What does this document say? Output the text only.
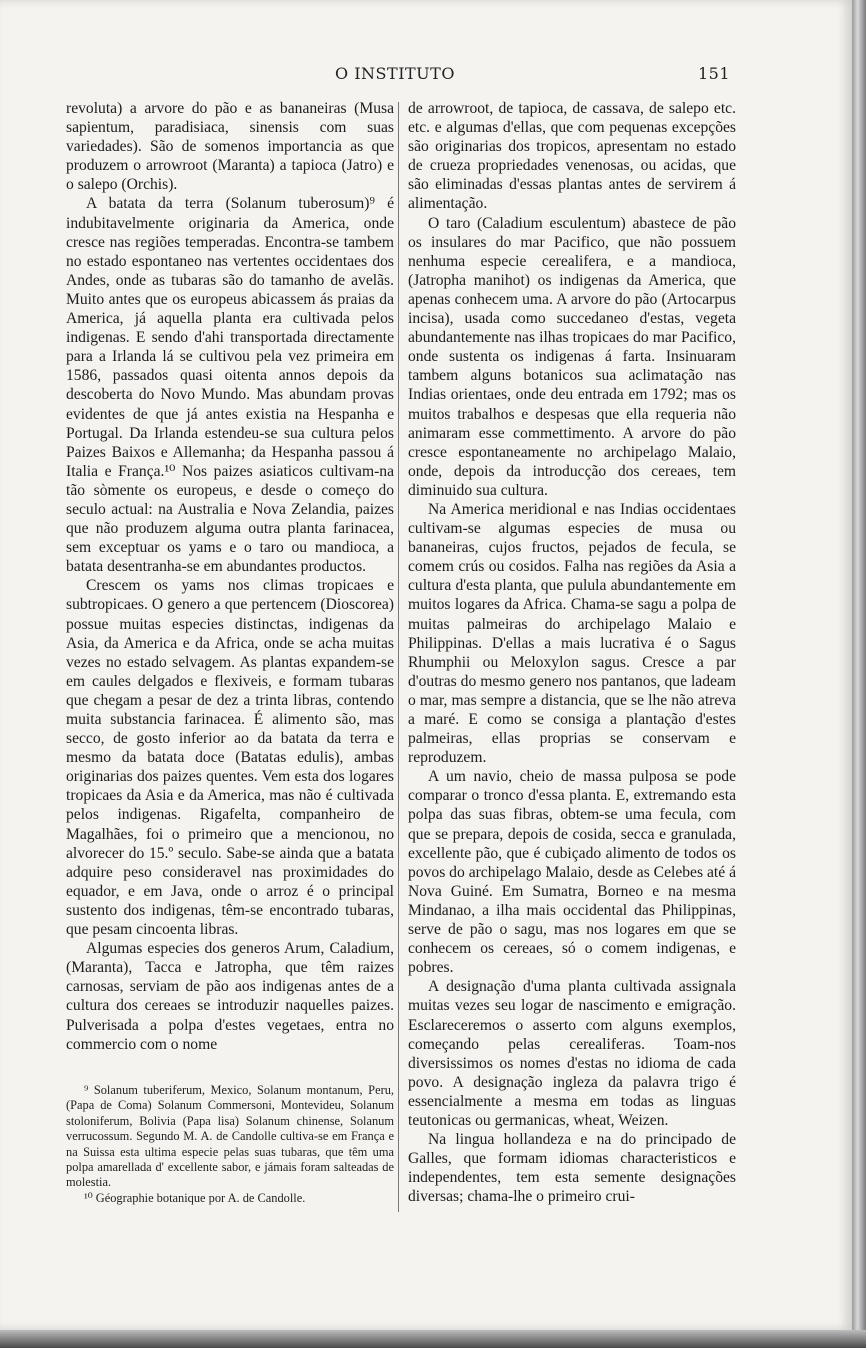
O INSTITUTO	151

revoluta) a arvore do pão e as bananeiras (Musa sapientum, paradisiaca, sinensis com suas variedades). São de somenos importancia as que produzem o arrowroot (Maranta) a tapioca (Jatro) e o salepo (Orchis).

A batata da terra (Solanum tuberosum)⁹ é indubitavelmente originaria da America, onde cresce nas regiões temperadas. Encontra-se tambem no estado espontaneo nas vertentes occidentaes dos Andes, onde as tubaras são do tamanho de avelãs. Muito antes que os europeus abicassem ás praias da America, já aquella planta era cultivada pelos indigenas. E sendo d'ahi transportada directamente para a Irlanda lá se cultivou pela vez primeira em 1586, passados quasi oitenta annos depois da descoberta do Novo Mundo. Mas abundam provas evidentes de que já antes existia na Hespanha e Portugal. Da Irlanda estendeu-se sua cultura pelos Paizes Baixos e Allemanha; da Hespanha passou á Italia e França.¹⁰ Nos paizes asiaticos cultivam-na tão sòmente os europeus, e desde o começo do seculo actual: na Australia e Nova Zelandia, paizes que não produzem alguma outra planta farinacea, sem exceptuar os yams e o taro ou mandioca, a batata desentranha-se em abundantes productos.

Crescem os yams nos climas tropicaes e subtropicaes. O genero a que pertencem (Dioscorea) possue muitas especies distinctas, indigenas da Asia, da America e da Africa, onde se acha muitas vezes no estado selvagem. As plantas expandem-se em caules delgados e flexiveis, e formam tubaras que chegam a pesar de dez a trinta libras, contendo muita substancia farinacea. É alimento são, mas secco, de gosto inferior ao da batata da terra e mesmo da batata doce (Batatas edulis), ambas originarias dos paizes quentes. Vem esta dos logares tropicaes da Asia e da America, mas não é cultivada pelos indigenas. Rigafelta, companheiro de Magalhães, foi o primeiro que a mencionou, no alvorecer do 15.º seculo. Sabe-se ainda que a batata adquire peso consideravel nas proximidades do equador, e em Java, onde o arroz é o principal sustento dos indigenas, têm-se encontrado tubaras, que pesam cincoenta libras.

Algumas especies dos generos Arum, Caladium, (Maranta), Tacca e Jatropha, que têm raizes carnosas, serviam de pão aos indigenas antes de a cultura dos cereaes se introduzir naquelles paizes. Pulverisada a polpa d'estes vegetaes, entra no commercio com o nome

de arrowroot, de tapioca, de cassava, de salepo etc. etc. e algumas d'ellas, que com pequenas excepções são originarias dos tropicos, apresentam no estado de crueza propriedades venenosas, ou acidas, que são eliminadas d'essas plantas antes de servirem á alimentação.

O taro (Caladium esculentum) abastece de pão os insulares do mar Pacifico, que não possuem nenhuma especie cerealifera, e a mandioca, (Jatropha manihot) os indigenas da America, que apenas conhecem uma. A arvore do pão (Artocarpus incisa), usada como succedaneo d'estas, vegeta abundantemente nas ilhas tropicaes do mar Pacifico, onde sustenta os indigenas á farta. Insinuaram tambem alguns botanicos sua aclimatação nas Indias orientaes, onde deu entrada em 1792; mas os muitos trabalhos e despesas que ella requeria não animaram esse commettimento. A arvore do pão cresce espontaneamente no archipelago Malaio, onde, depois da introducção dos cereaes, tem diminuido sua cultura.

Na America meridional e nas Indias occidentaes cultivam-se algumas especies de musa ou bananeiras, cujos fructos, pejados de fecula, se comem crús ou cosidos. Falha nas regiões da Asia a cultura d'esta planta, que pulula abundantemente em muitos logares da Africa. Chama-se sagu a polpa de muitas palmeiras do archipelago Malaio e Philippinas. D'ellas a mais lucrativa é o Sagus Rhumphii ou Meloxylon sagus. Cresce a par d'outras do mesmo genero nos pantanos, que ladeam o mar, mas sempre a distancia, que se lhe não atreva a maré. E como se consiga a plantação d'estes palmeiras, ellas proprias se conservam e reproduzem.

A um navio, cheio de massa pulposa se pode comparar o tronco d'essa planta. E, extremando esta polpa das suas fibras, obtem-se uma fecula, com que se prepara, depois de cosida, secca e granulada, excellente pão, que é cubiçado alimento de todos os povos do archipelago Malaio, desde as Celebes até á Nova Guiné. Em Sumatra, Borneo e na mesma Mindanao, a ilha mais occidental das Philippinas, serve de pão o sagu, mas nos logares em que se conhecem os cereaes, só o comem indigenas, e pobres.

A designação d'uma planta cultivada assignala muitas vezes seu logar de nascimento e emigração. Esclareceremos o asserto com alguns exemplos, começando pelas cerealiferas. Toam-nos diversissimos os nomes d'estas no idioma de cada povo. A designação ingleza da palavra trigo é essencialmente a mesma em todas as linguas teutonicas ou germanicas, wheat, Weizen.

Na lingua hollandeza e na do principado de Galles, que formam idiomas characteristicos e independentes, tem esta semente designações diversas; chama-lhe o primeiro crui-

⁹ Solanum tuberiferum, Mexico, Solanum montanum, Peru, (Papa de Coma) Solanum Commersoni, Montevideu, Solanum stoloniferum, Bolivia (Papa lisa) Solanum chinense, Solanum verrucossum. Segundo M. A. de Candolle cultiva-se em França e na Suissa esta ultima especie pelas suas tubaras, que têm uma polpa amarellada d' excellente sabor, e jámais foram salteadas de molestia.

¹⁰ Géographie botanique por A. de Candolle.
